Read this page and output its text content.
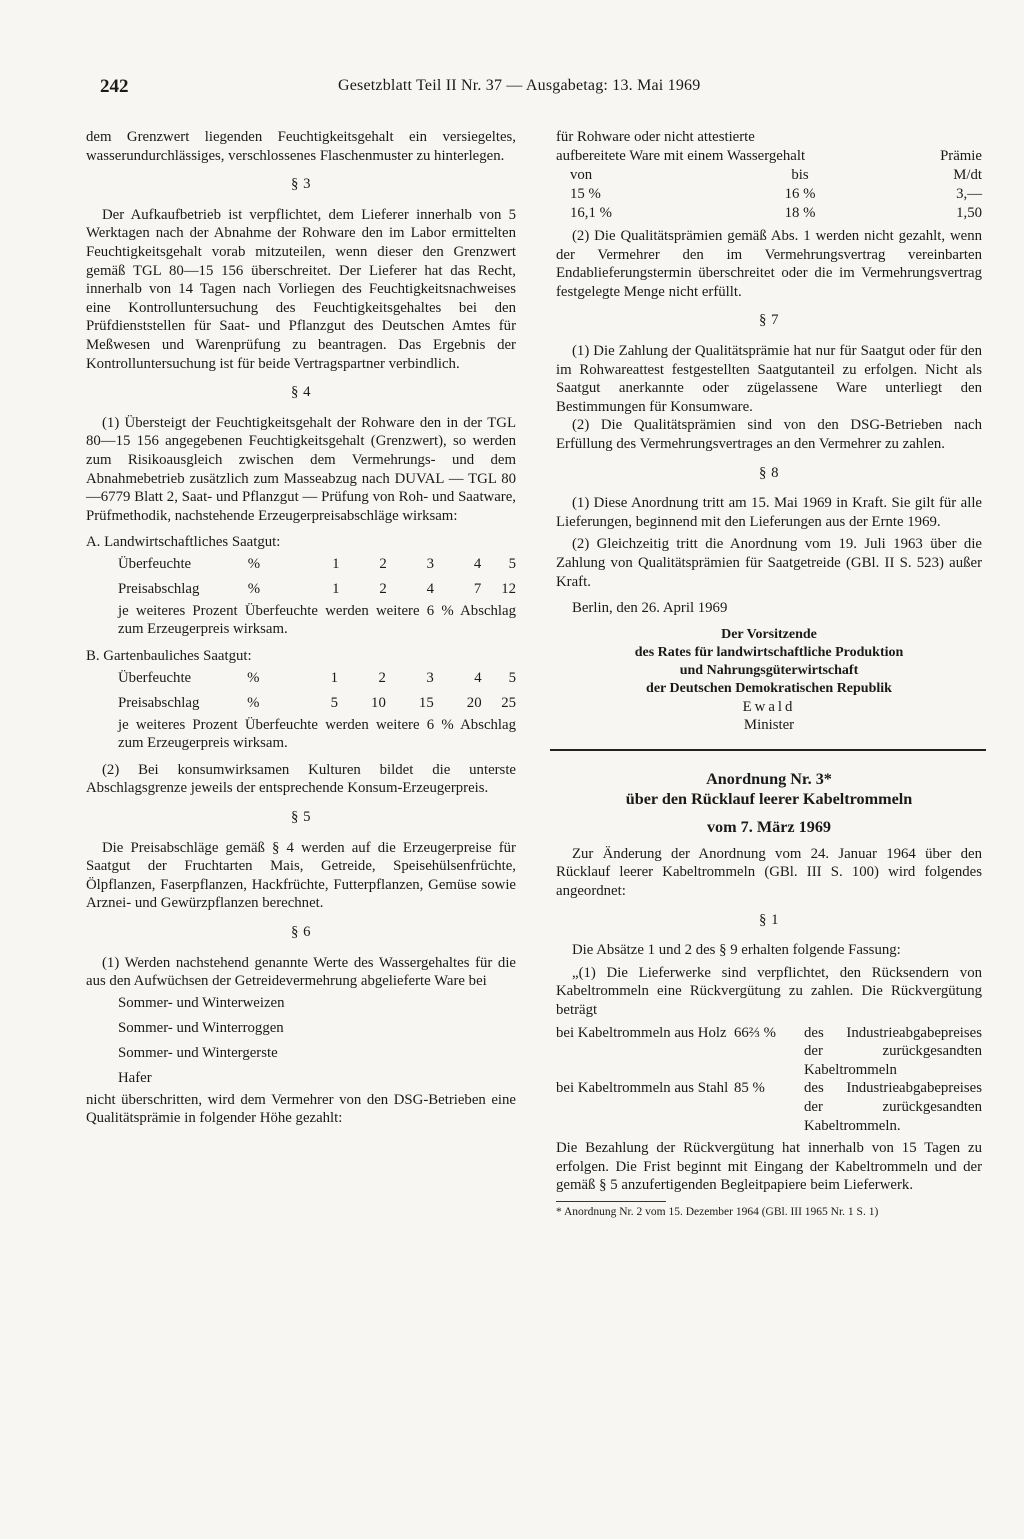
242	Gesetzblatt Teil II Nr. 37 — Ausgabetag: 13. Mai 1969

dem Grenzwert liegenden Feuchtigkeitsgehalt ein versiegeltes, wasserundurchlässiges, verschlossenes Flaschenmuster zu hinterlegen.

§ 3

Der Aufkaufbetrieb ist verpflichtet, dem Lieferer innerhalb von 5 Werktagen nach der Abnahme der Rohware den im Labor ermittelten Feuchtigkeitsgehalt vorab mitzuteilen, wenn dieser den Grenzwert gemäß TGL 80—15 156 überschreitet. Der Lieferer hat das Recht, innerhalb von 14 Tagen nach Vorliegen des Feuchtigkeitsnachweises eine Kontrolluntersuchung des Feuchtigkeitsgehaltes bei den Prüfdienststellen für Saat- und Pflanzgut des Deutschen Amtes für Meßwesen und Warenprüfung zu beantragen. Das Ergebnis der Kontrolluntersuchung ist für beide Vertragspartner verbindlich.

§ 4

(1) Übersteigt der Feuchtigkeitsgehalt der Rohware den in der TGL 80—15 156 angegebenen Feuchtigkeitsgehalt (Grenzwert), so werden zum Risikoausgleich zwischen dem Vermehrungs- und dem Abnahmebetrieb zusätzlich zum Masseabzug nach DUVAL — TGL 80—6779 Blatt 2, Saat- und Pflanzgut — Prüfung von Roh- und Saatware, Prüfmethodik, nachstehende Erzeugerpreisabschläge wirksam:

A. Landwirtschaftliches Saatgut:

Überfeuchte	%	1	2	3	4	5
Preisabschlag	%	1	2	4	7	12

je weiteres Prozent Überfeuchte werden weitere 6 % Abschlag zum Erzeugerpreis wirksam.

B. Gartenbauliches Saatgut:

Überfeuchte	%	1	2	3	4	5
Preisabschlag	%	5	10	15	20	25

je weiteres Prozent Überfeuchte werden weitere 6 % Abschlag zum Erzeugerpreis wirksam.

(2) Bei konsumwirksamen Kulturen bildet die unterste Abschlagsgrenze jeweils der entsprechende Konsum-Erzeugerpreis.

§ 5

Die Preisabschläge gemäß § 4 werden auf die Erzeugerpreise für Saatgut der Fruchtarten Mais, Getreide, Speisehülsenfrüchte, Ölpflanzen, Faserpflanzen, Hackfrüchte, Futterpflanzen, Gemüse sowie Arznei- und Gewürzpflanzen berechnet.

§ 6

(1) Werden nachstehend genannte Werte des Wassergehaltes für die aus den Aufwüchsen der Getreidevermehrung abgelieferte Ware bei

Sommer- und Winterweizen
Sommer- und Winterroggen
Sommer- und Wintergerste
Hafer

nicht überschritten, wird dem Vermehrer von den DSG-Betrieben eine Qualitätsprämie in folgender Höhe gezahlt:

für Rohware oder nicht attestierte		
aufbereitete Ware mit einem Wassergehalt		Prämie
von	bis	M/dt
15 %	16 %	3,—
16,1 %	18 %	1,50

(2) Die Qualitätsprämien gemäß Abs. 1 werden nicht gezahlt, wenn der Vermehrer den im Vermehrungsvertrag vereinbarten Endablieferungstermin überschreitet oder die im Vermehrungsvertrag festgelegte Menge nicht erfüllt.

§ 7

(1) Die Zahlung der Qualitätsprämie hat nur für Saatgut oder für den im Rohwareattest festgestellten Saatgutanteil zu erfolgen. Nicht als Saatgut anerkannte oder zügelassene Ware unterliegt den Bestimmungen für Konsumware.

(2) Die Qualitätsprämien sind von den DSG-Betrieben nach Erfüllung des Vermehrungsvertrages an den Vermehrer zu zahlen.

§ 8

(1) Diese Anordnung tritt am 15. Mai 1969 in Kraft. Sie gilt für alle Lieferungen, beginnend mit den Lieferungen aus der Ernte 1969.

(2) Gleichzeitig tritt die Anordnung vom 19. Juli 1963 über die Zahlung von Qualitätsprämien für Saatgetreide (GBl. II S. 523) außer Kraft.

Berlin, den 26. April 1969

Der Vorsitzende
des Rates für landwirtschaftliche Produktion
und Nahrungsgüterwirtschaft
der Deutschen Demokratischen Republik
Ewald
Minister
Anordnung Nr. 3*
über den Rücklauf leerer Kabeltrommeln
vom 7. März 1969

Zur Änderung der Anordnung vom 24. Januar 1964 über den Rücklauf leerer Kabeltrommeln (GBl. III S. 100) wird folgendes angeordnet:

§ 1

Die Absätze 1 und 2 des § 9 erhalten folgende Fassung:

„(1) Die Lieferwerke sind verpflichtet, den Rücksendern von Kabeltrommeln eine Rückvergütung zu zahlen. Die Rückvergütung beträgt

bei Kabeltrommeln aus Holz	66⅔ %	des Industrieabgabepreises der zurückgesandten Kabeltrommeln
bei Kabeltrommeln aus Stahl	85 %	des Industrieabgabepreises der zurückgesandten Kabeltrommeln.

Die Bezahlung der Rückvergütung hat innerhalb von 15 Tagen zu erfolgen. Die Frist beginnt mit Eingang der Kabeltrommeln und der gemäß § 5 anzufertigenden Begleitpapiere beim Lieferwerk.

* Anordnung Nr. 2 vom 15. Dezember 1964 (GBl. III 1965 Nr. 1 S. 1)
